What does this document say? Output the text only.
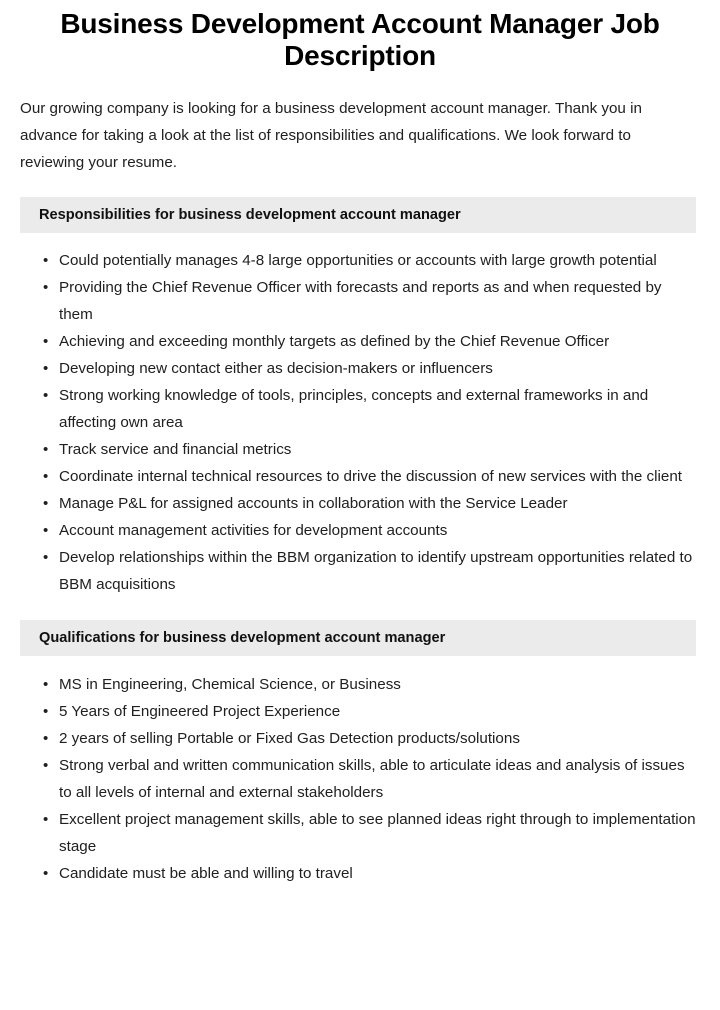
Business Development Account Manager Job Description

Our growing company is looking for a business development account manager. Thank you in advance for taking a look at the list of responsibilities and qualifications. We look forward to reviewing your resume.

Responsibilities for business development account manager
• Could potentially manages 4-8 large opportunities or accounts with large growth potential
• Providing the Chief Revenue Officer with forecasts and reports as and when requested by them
• Achieving and exceeding monthly targets as defined by the Chief Revenue Officer
• Developing new contact either as decision-makers or influencers
• Strong working knowledge of tools, principles, concepts and external frameworks in and affecting own area
• Track service and financial metrics
• Coordinate internal technical resources to drive the discussion of new services with the client
• Manage P&L for assigned accounts in collaboration with the Service Leader
• Account management activities for development accounts
• Develop relationships within the BBM organization to identify upstream opportunities related to BBM acquisitions
Qualifications for business development account manager
• MS in Engineering, Chemical Science, or Business
• 5 Years of Engineered Project Experience
• 2 years of selling Portable or Fixed Gas Detection products/solutions
• Strong verbal and written communication skills, able to articulate ideas and analysis of issues to all levels of internal and external stakeholders
• Excellent project management skills, able to see planned ideas right through to implementation stage
• Candidate must be able and willing to travel
